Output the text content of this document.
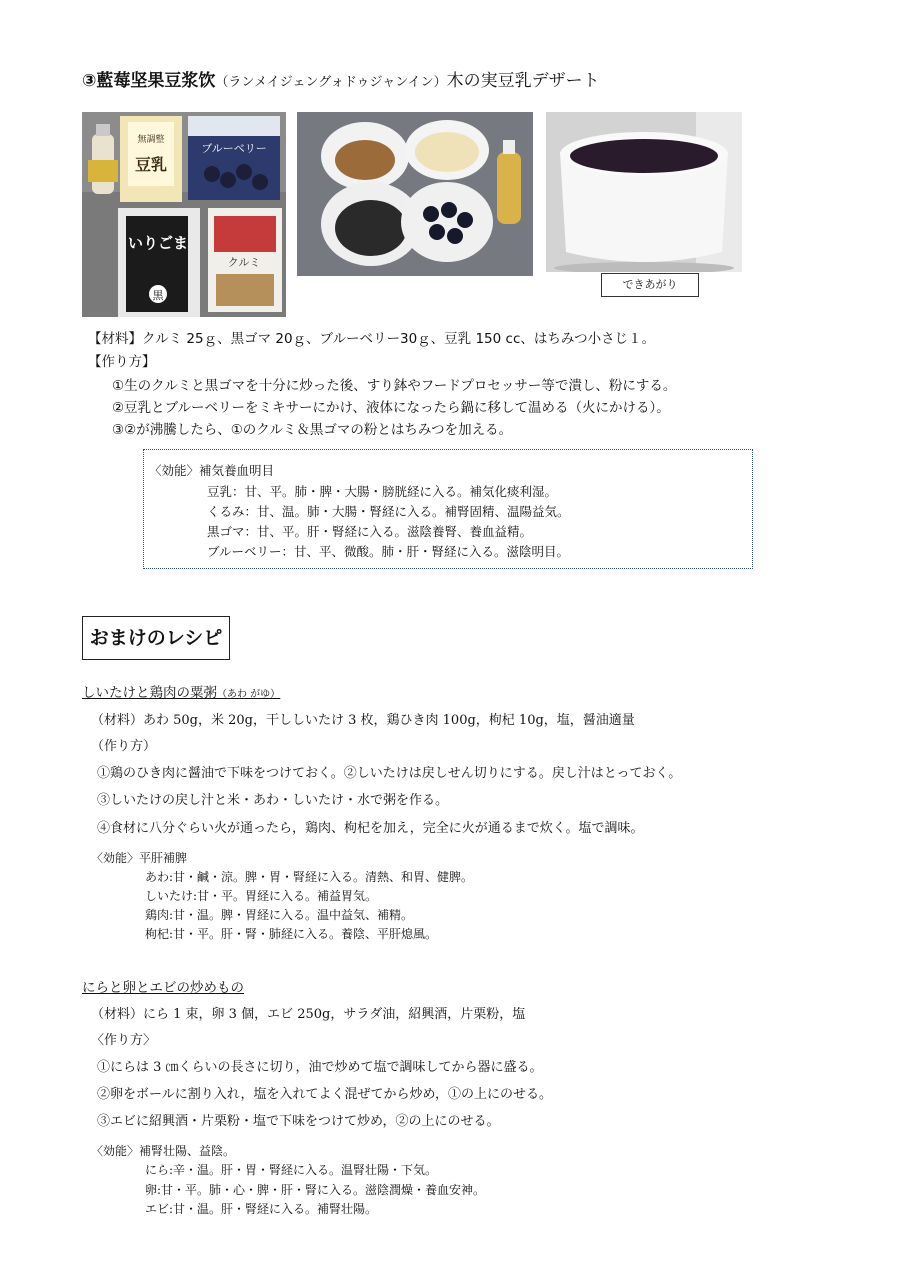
③藍莓坚果豆浆饮（ランメイジェングォドゥジャンイン）木の実豆乳デザート
無調整
豆乳
ブルーベリー
いりごま
黒
クルミ
できあがり
【材料】クルミ 25ｇ、黒ゴマ 20ｇ、ブルーベリー30ｇ、豆乳 150 cc、はちみつ小さじ１。
【作り方】
①生のクルミと黒ゴマを十分に炒った後、すり鉢やフードプロセッサー等で潰し、粉にする。
②豆乳とブルーベリーをミキサーにかけ、液体になったら鍋に移して温める（火にかける）。
③②が沸騰したら、①のクルミ＆黒ゴマの粉とはちみつを加える。
〈効能〉補気養血明目
豆乳：甘、平。肺・脾・大腸・膀胱経に入る。補気化痰利湿。
くるみ：甘、温。肺・大腸・腎経に入る。補腎固精、温陽益気。
黒ゴマ：甘、平。肝・腎経に入る。滋陰養腎、養血益精。
ブルーベリー：甘、平、微酸。肺・肝・腎経に入る。滋陰明目。
おまけのレシピ
しいたけと鶏肉の粟粥（あわ がゆ）
（材料）あわ 50g，米 20g，干ししいたけ 3 枚，鶏ひき肉 100g，枸杞 10g，塩，醤油適量
（作り方）
①鶏のひき肉に醤油で下味をつけておく。②しいたけは戻しせん切りにする。戻し汁はとっておく。
③しいたけの戻し汁と米・あわ・しいたけ・水で粥を作る。
④食材に八分ぐらい火が通ったら，鶏肉、枸杞を加え，完全に火が通るまで炊く。塩で調味。
〈効能〉平肝補脾
あわ:甘・鹹・涼。脾・胃・腎経に入る。清熱、和胃、健脾。
しいたけ:甘・平。胃経に入る。補益胃気。
鶏肉:甘・温。脾・胃経に入る。温中益気、補精。
枸杞:甘・平。肝・腎・肺経に入る。養陰、平肝熄風。
にらと卵とエビの炒めもの
（材料）にら 1 束，卵 3 個，エビ 250g，サラダ油，紹興酒，片栗粉，塩
〈作り方〉
①にらは 3 ㎝くらいの長さに切り，油で炒めて塩で調味してから器に盛る。
②卵をボールに割り入れ，塩を入れてよく混ぜてから炒め，①の上にのせる。
③エビに紹興酒・片栗粉・塩で下味をつけて炒め，②の上にのせる。
〈効能〉補腎壮陽、益陰。
にら:辛・温。肝・胃・腎経に入る。温腎壮陽・下気。
卵:甘・平。肺・心・脾・肝・腎に入る。滋陰潤燥・養血安神。
エビ:甘・温。肝・腎経に入る。補腎壮陽。
